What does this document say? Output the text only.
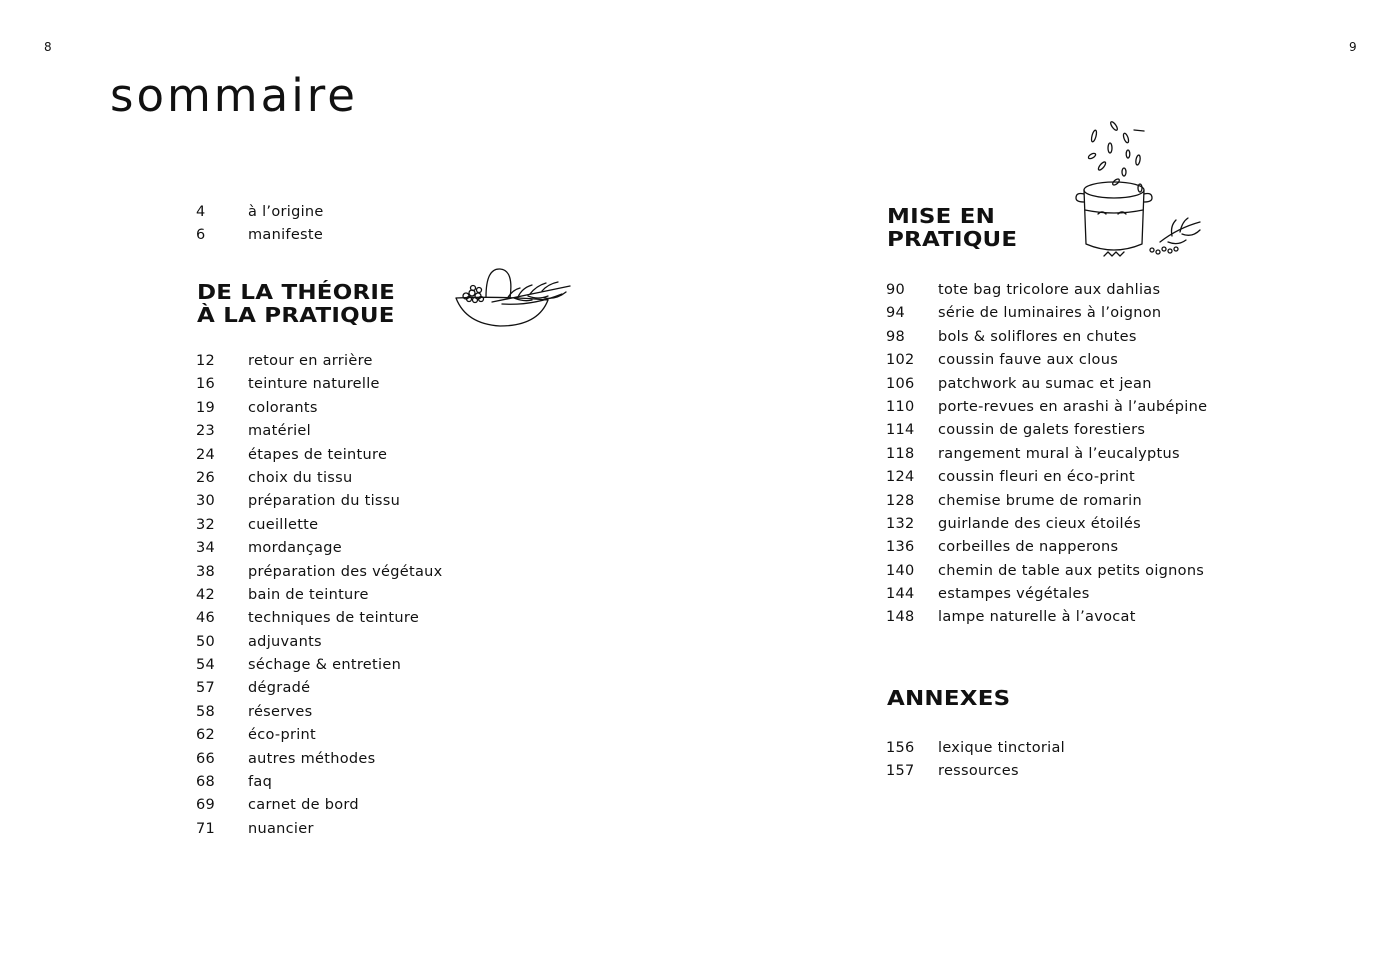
8	9
sommaire
4	à l’origine
6	manifeste
DE LA THÉORIE
À LA PRATIQUE
12	retour en arrière
16	teinture naturelle
19	colorants
23	matériel
24	étapes de teinture
26	choix du tissu
30	préparation du tissu
32	cueillette
34	mordançage
38	préparation des végétaux
42	bain de teinture
46	techniques de teinture
50	adjuvants
54	séchage & entretien
57	dégradé
58	réserves
62	éco-print
66	autres méthodes
68	faq
69	carnet de bord
71	nuancier
MISE EN
PRATIQUE
90	tote bag tricolore aux dahlias
94	série de luminaires à l’oignon
98	bols & soliflores en chutes
102	coussin fauve aux clous
106	patchwork au sumac et jean
110	porte-revues en arashi à l’aubépine
114	coussin de galets forestiers
118	rangement mural à l’eucalyptus
124	coussin fleuri en éco-print
128	chemise brume de romarin
132	guirlande des cieux étoilés
136	corbeilles de napperons
140	chemin de table aux petits oignons
144	estampes végétales
148	lampe naturelle à l’avocat
ANNEXES
156	lexique tinctorial
157	ressources
